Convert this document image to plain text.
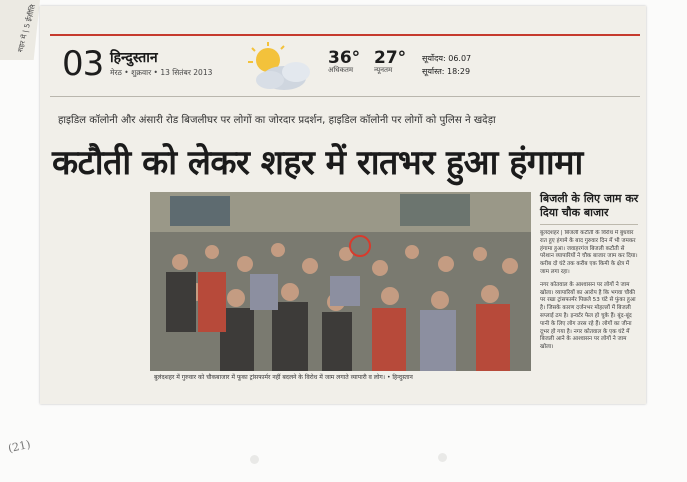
शहर में | 5 ईज़ीलि
03 हिन्दुस्तान
मेरठ • शुक्रवार • 13 सितंबर 2013
36°
अधिकतम
27°
न्यूनतम
सूर्योदय: 06.07
सूर्यास्त: 18:29
हाइडिल कॉलोनी और अंसारी रोड बिजलीघर पर लोगों का जोरदार प्रदर्शन, हाइडिल कॉलोनी पर लोगों को पुलिस ने खदेड़ा
कटौती को लेकर शहर में रातभर हुआ हंगामा
बुलंदशहर में गुरुवार को चौकबाजार में फूका ट्रांसफार्मर नहीं बदलने के विरोध में जाम लगाते व्यापारी व लोग। • हिन्दुस्तान
बिजली के लिए जाम कर दिया चौक बाजार

बुलंदशहर | बिजली कटौती के विरोध में बुधवार रात हुए हंगामे के बाद गुरुवार दिन में भी जमकर हंगामा हुआ। जवाहरगंज बिजली कटौती से परेशान व्यापारियों ने चौक बाजार जाम कर दिया। करीब दो घंटे तक करीब एक किमी के क्षेत्र में जाम लगा रहा।

नगर कोतवाल के आश्वासन पर लोगों ने जाम खोला। व्यापारियों का आरोप है कि भगवा चौकी पर रखा ट्रांसफार्मर पिछले 53 घंटे से फुंका हुआ है। जिसके कारण दर्जनभर मोहल्लों में बिजली सप्लाई ठप है। इन्वर्टर फेल हो चुके हैं। बूंद-बूंद पानी के लिए लोग तरस रहे हैं। लोगों का जीना दूभर हो गया है। नगर कोतवाल के एक घंटे में बिजली आने के आश्वासन पर लोगों ने जाम खोला।

(21)
